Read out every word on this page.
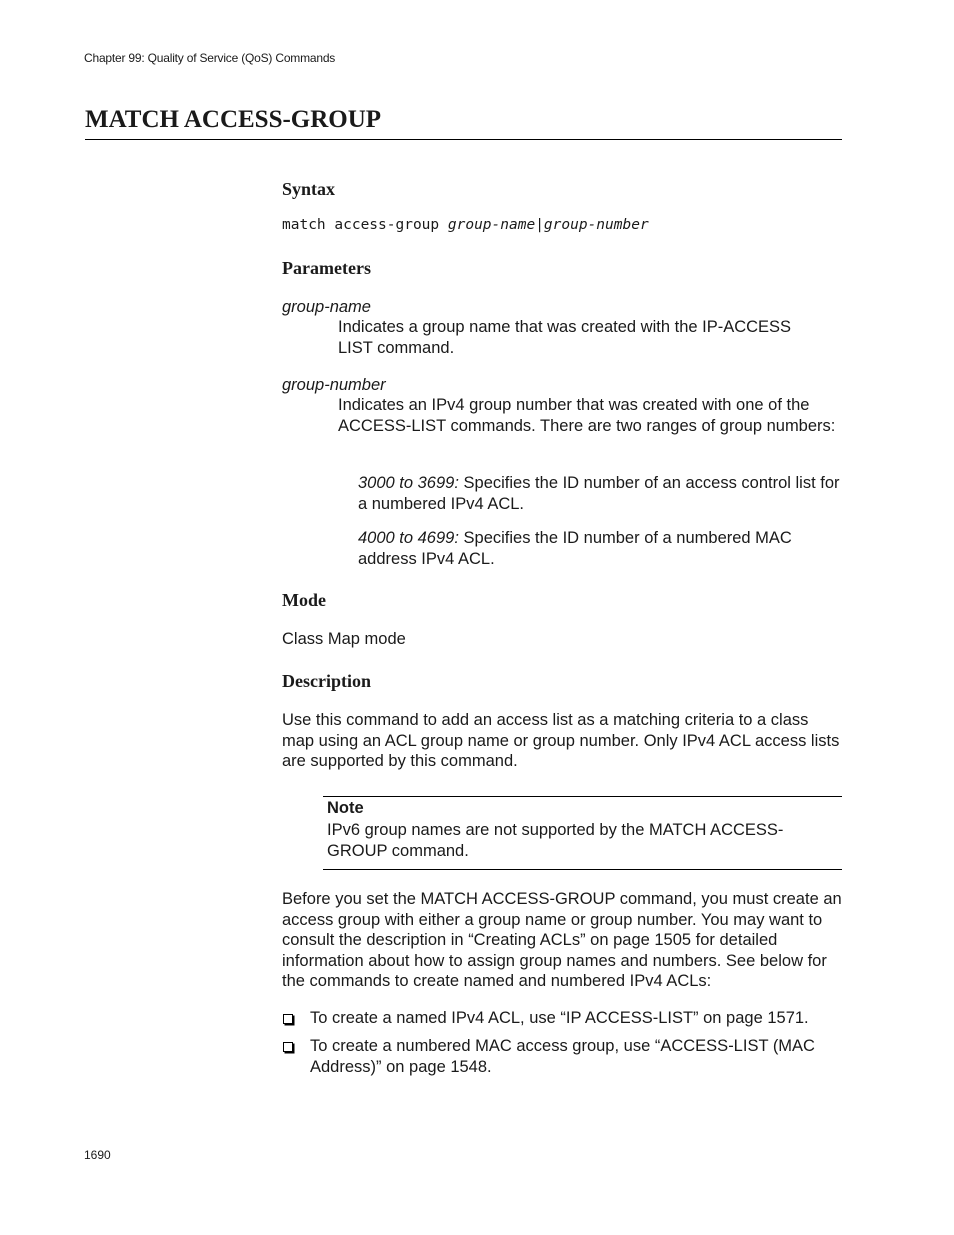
Chapter 99: Quality of Service (QoS) Commands
MATCH ACCESS-GROUP
Syntax
match access-group group-name|group-number
Parameters
group-name
Indicates a group name that was created with the IP-ACCESS LIST command.
group-number
Indicates an IPv4 group number that was created with one of the ACCESS-LIST commands. There are two ranges of group numbers:
3000 to 3699: Specifies the ID number of an access control list for a numbered IPv4 ACL.
4000 to 4699: Specifies the ID number of a numbered MAC address IPv4 ACL.
Mode
Class Map mode
Description
Use this command to add an access list as a matching criteria to a class map using an ACL group name or group number. Only IPv4 ACL access lists are supported by this command.
Note
IPv6 group names are not supported by the MATCH ACCESS-GROUP command.
Before you set the MATCH ACCESS-GROUP command, you must create an access group with either a group name or group number. You may want to consult the description in “Creating ACLs” on page 1505 for detailed information about how to assign group names and numbers. See below for the commands to create named and numbered IPv4 ACLs:
To create a named IPv4 ACL, use “IP ACCESS-LIST” on page 1571.
To create a numbered MAC access group, use “ACCESS-LIST (MAC Address)” on page 1548.
1690
